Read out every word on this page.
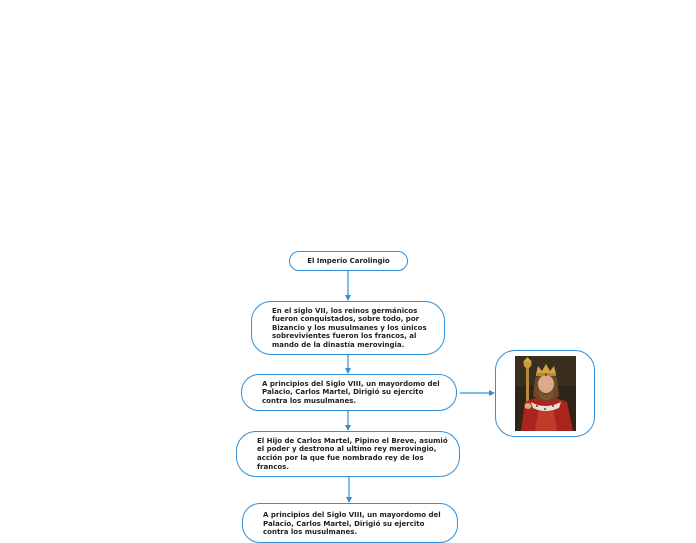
El Imperio Carolingio
En el siglo VII, los reinos germánicos fueron conquistados, sobre todo, por Bizancio y los musulmanes y los únicos sobrevivientes fueron los francos, al mando de la dinastía merovingia.
A principios del Siglo VIII, un mayordomo del Palacio, Carlos Martel, Dirigió su ejercito contra los musulmanes.
El Hijo de Carlos Martel, Pipino el Breve, asumió el poder y destrono al ultimo rey merovingio, acción por la que fue nombrado rey de los francos.
A principios del Siglo VIII, un mayordomo del Palacio, Carlos Martel, Dirigió su ejercito contra los musulmanes.
